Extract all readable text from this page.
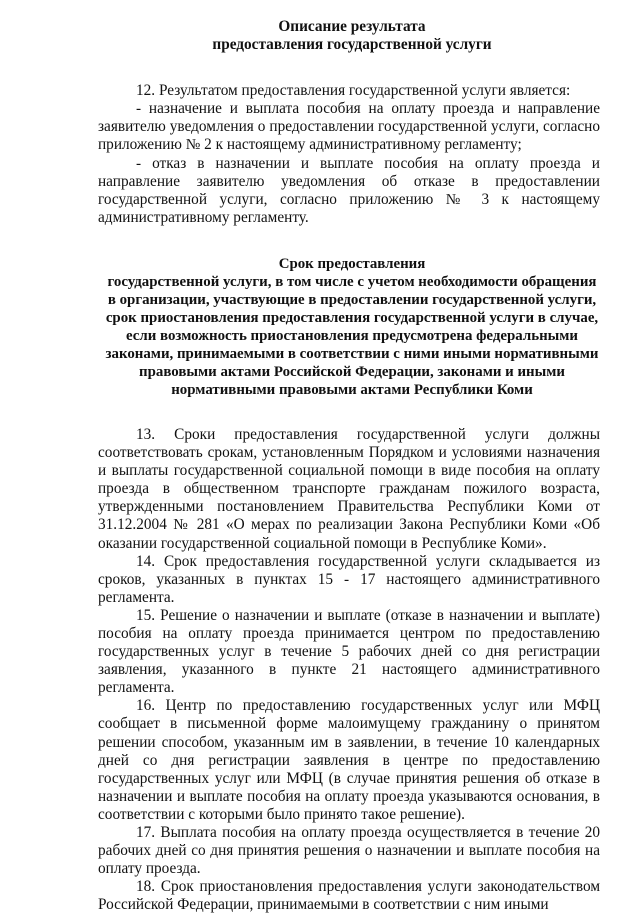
Описание результата
предоставления государственной услуги

12. Результатом предоставления государственной услуги является:

- назначение и выплата пособия на оплату проезда и направление заявителю уведомления о предоставлении государственной услуги, согласно приложению № 2 к настоящему административному регламенту;

- отказ в назначении и выплате пособия на оплату проезда и направление заявителю уведомления об отказе в предоставлении государственной услуги, согласно приложению № 3 к настоящему административному регламенту.

Срок предоставления
государственной услуги, в том числе с учетом необходимости обращения
в организации, участвующие в предоставлении государственной услуги,
срок приостановления предоставления государственной услуги в случае,
если возможность приостановления предусмотрена федеральными
законами, принимаемыми в соответствии с ними иными нормативными
правовыми актами Российской Федерации, законами и иными
нормативными правовыми актами Республики Коми

13. Сроки предоставления государственной услуги должны соответствовать срокам, установленным Порядком и условиями назначения и выплаты государственной социальной помощи в виде пособия на оплату проезда в общественном транспорте гражданам пожилого возраста, утвержденными постановлением Правительства Республики Коми от 31.12.2004 № 281 «О мерах по реализации Закона Республики Коми «Об оказании государственной социальной помощи в Республике Коми».

14. Срок предоставления государственной услуги складывается из сроков, указанных в пунктах 15 - 17 настоящего административного регламента.

15. Решение о назначении и выплате (отказе в назначении и выплате) пособия на оплату проезда принимается центром по предоставлению государственных услуг в течение 5 рабочих дней со дня регистрации заявления, указанного в пункте 21 настоящего административного регламента.

16. Центр по предоставлению государственных услуг или МФЦ сообщает в письменной форме малоимущему гражданину о принятом решении способом, указанным им в заявлении, в течение 10 календарных дней со дня регистрации заявления в центре по предоставлению государственных услуг или МФЦ (в случае принятия решения об отказе в назначении и выплате пособия на оплату проезда указываются основания, в соответствии с которыми было принято такое решение).

17. Выплата пособия на оплату проезда осуществляется в течение 20 рабочих дней со дня принятия решения о назначении и выплате пособия на оплату проезда.

18. Срок приостановления предоставления услуги законодательством Российской Федерации, принимаемыми в соответствии с ним иными
